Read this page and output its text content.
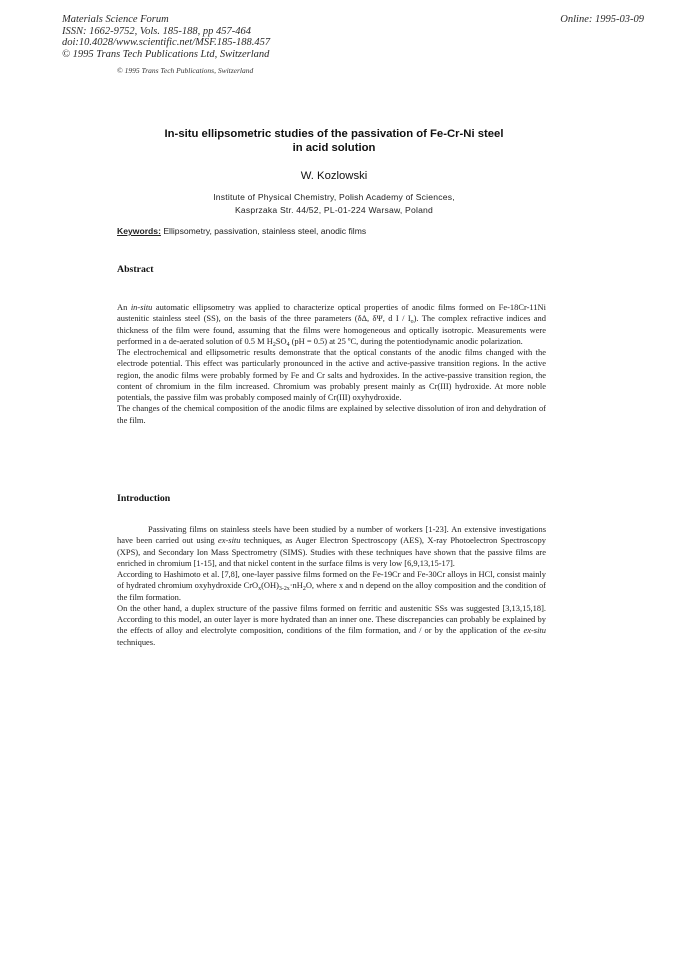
Materials Science Forum
ISSN: 1662-9752, Vols. 185-188, pp 457-464
doi:10.4028/www.scientific.net/MSF.185-188.457
© 1995 Trans Tech Publications Ltd, Switzerland
Online: 1995-03-09
© 1995 Trans Tech Publications, Switzerland
In-situ ellipsometric studies of the passivation of Fe-Cr-Ni steel
in acid solution
W. Kozlowski
Institute of Physical Chemistry, Polish Academy of Sciences,
Kasprzaka Str. 44/52, PL-01-224 Warsaw, Poland
Keywords: Ellipsometry, passivation, stainless steel, anodic films
Abstract

An in-situ automatic ellipsometry was applied to characterize optical properties of anodic films formed on Fe-18Cr-11Ni austenitic stainless steel (SS), on the basis of the three parameters (δΔ, δΨ, d I / $I_o$). The complex refractive indices and thickness of the film were found, assuming that the films were homogeneous and optically isotropic. Measurements were performed in a de-aerated solution of 0.5 M $H_2SO_4$ (pH = 0.5) at 25 ºC, during the potentiodynamic anodic polarization.

The electrochemical and ellipsometric results demonstrate that the optical constants of the anodic films changed with the electrode potential. This effect was particularly pronounced in the active and active-passive transition regions. In the active region, the anodic films were probably formed by Fe and Cr salts and hydroxides. In the active-passive transition region, the content of chromium in the film increased. Chromium was probably present mainly as Cr(III) hydroxide. At more noble potentials, the passive film was probably composed mainly of Cr(III) oxyhydroxide.

The changes of the chemical composition of the anodic films are explained by selective dissolution of iron and dehydration of the film.

Introduction

Passivating films on stainless steels have been studied by a number of workers [1-23]. An extensive investigations have been carried out using ex-situ techniques, as Auger Electron Spectroscopy (AES), X-ray Photoelectron Spectroscopy (XPS), and Secondary Ion Mass Spectrometry (SIMS). Studies with these techniques have shown that the passive films are enriched in chromium [1-15], and that nickel content in the surface films is very low [6,9,13,15-17].

According to Hashimoto et al. [7,8], one-layer passive films formed on the Fe-19Cr and Fe-30Cr alloys in HCl, consist mainly of hydrated chromium oxyhydroxide $CrO_x(OH)_{3-2x}\cdot nH_2O$, where x and n depend on the alloy composition and the condition of the film formation.

On the other hand, a duplex structure of the passive films formed on ferritic and austenitic SSs was suggested [3,13,15,18]. According to this model, an outer layer is more hydrated than an inner one. These discrepancies can probably be explained by the effects of alloy and electrolyte composition, conditions of the film formation, and / or by the application of the ex-situ techniques.
